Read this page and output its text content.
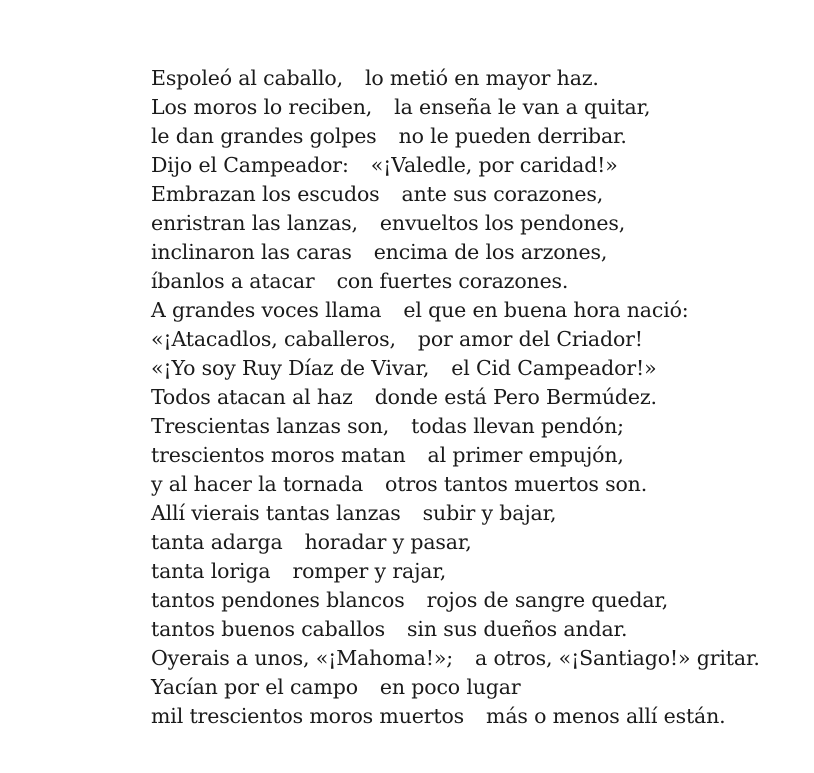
Espoleó al caballo, lo metió en mayor haz.
Los moros lo reciben, la enseña le van a quitar,
le dan grandes golpes no le pueden derribar.
Dijo el Campeador: «¡Valedle, por caridad!»
Embrazan los escudos ante sus corazones,
enristran las lanzas, envueltos los pendones,
inclinaron las caras encima de los arzones,
íbanlos a atacar con fuertes corazones.
A grandes voces llama el que en buena hora nació:
«¡Atacadlos, caballeros, por amor del Criador!
«¡Yo soy Ruy Díaz de Vivar, el Cid Campeador!»
Todos atacan al haz donde está Pero Bermúdez.
Trescientas lanzas son, todas llevan pendón;
trescientos moros matan al primer empujón,
y al hacer la tornada otros tantos muertos son.
Allí vierais tantas lanzas subir y bajar,
tanta adarga horadar y pasar,
tanta loriga romper y rajar,
tantos pendones blancos rojos de sangre quedar,
tantos buenos caballos sin sus dueños andar.
Oyerais a unos, «¡Mahoma!»; a otros, «¡Santiago!» gritar.
Yacían por el campo en poco lugar
mil trescientos moros muertos más o menos allí están.
